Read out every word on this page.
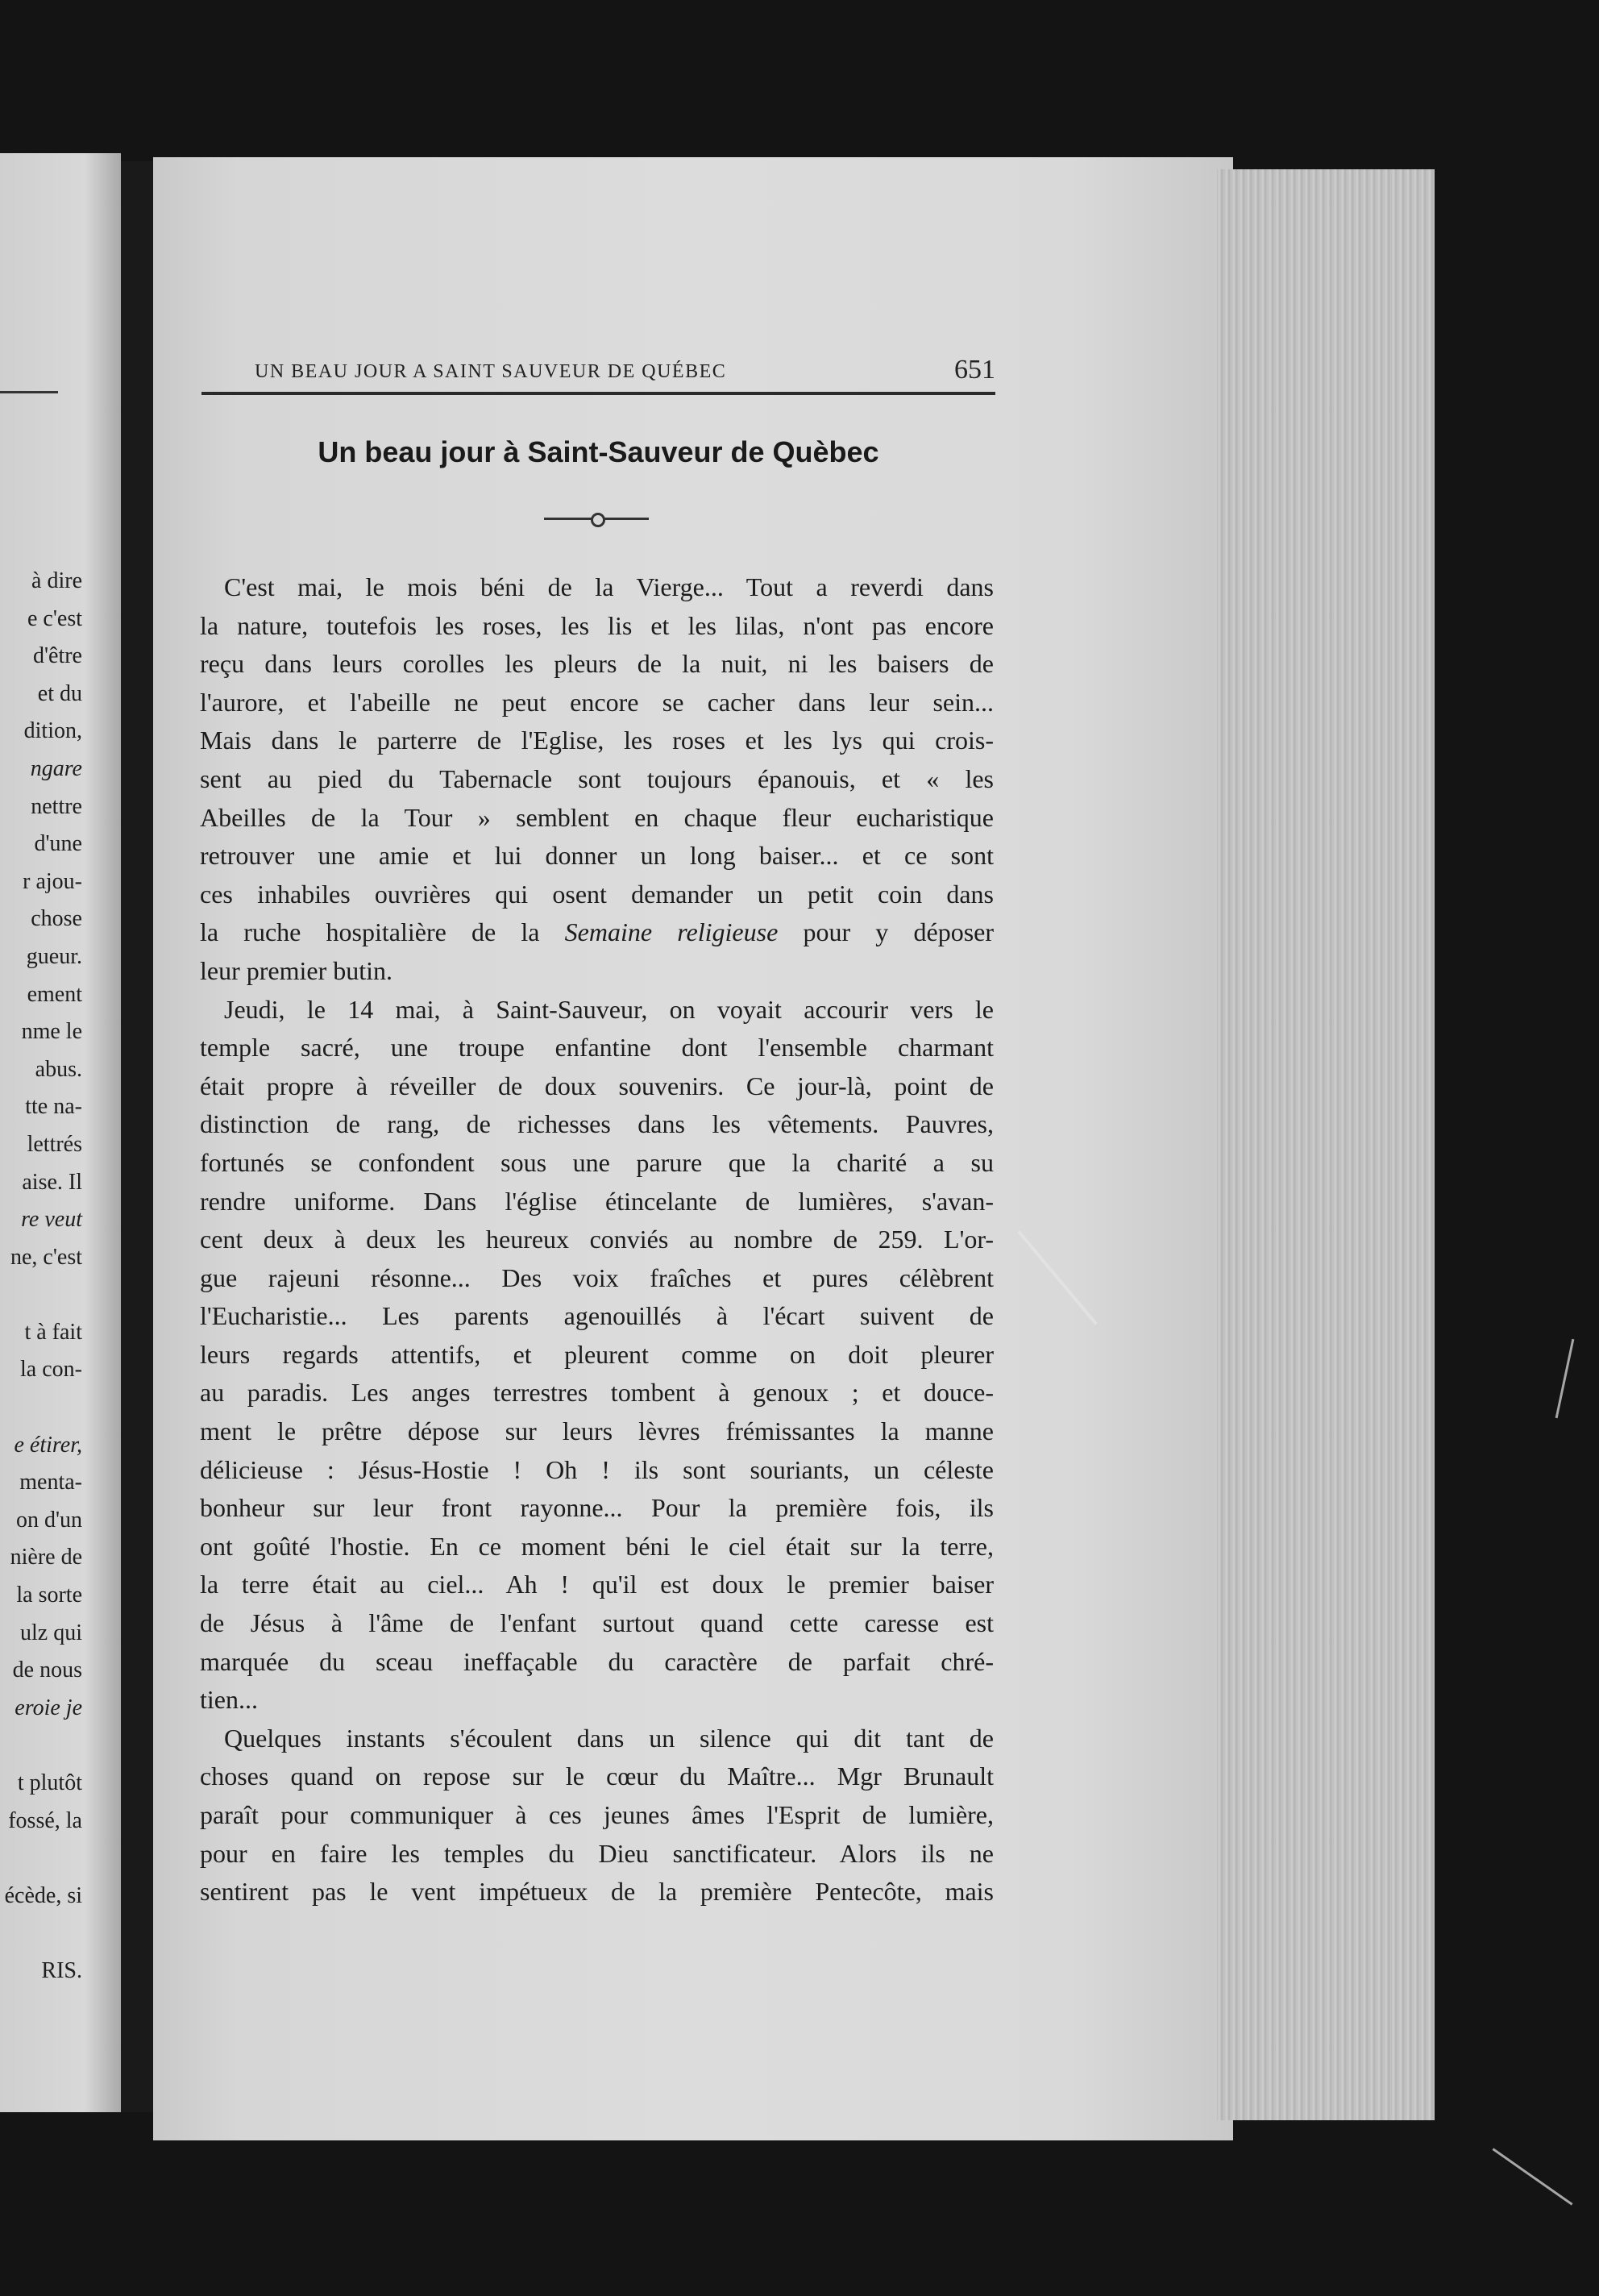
à dire
e c'est
d'être
et du
dition,
ngare
nettre
d'une
r ajou-
chose
gueur.
ement
nme le
abus.
tte na-
lettrés
aise. Il
re veut
ne, c'est
t à fait
la con-
e étirer,
menta-
on d'un
nière de
la sorte
ulz qui
de nous
eroie je
t plutôt
fossé, la
écède, si
RIS.
UN BEAU JOUR A SAINT SAUVEUR DE QUÉBEC	651
Un beau jour à Saint-Sauveur de Quèbec
C'est mai, le mois béni de la Vierge... Tout a reverdi dans
la nature, toutefois les roses, les lis et les lilas, n'ont pas encore
reçu dans leurs corolles les pleurs de la nuit, ni les baisers de
l'aurore, et l'abeille ne peut encore se cacher dans leur sein...
Mais dans le parterre de l'Eglise, les roses et les lys qui crois-
sent au pied du Tabernacle sont toujours épanouis, et « les
Abeilles de la Tour » semblent en chaque fleur eucharistique
retrouver une amie et lui donner un long baiser... et ce sont
ces inhabiles ouvrières qui osent demander un petit coin dans
la ruche hospitalière de la Semaine religieuse pour y déposer
leur premier butin.
Jeudi, le 14 mai, à Saint-Sauveur, on voyait accourir vers le
temple sacré, une troupe enfantine dont l'ensemble charmant
était propre à réveiller de doux souvenirs. Ce jour-là, point de
distinction de rang, de richesses dans les vêtements. Pauvres,
fortunés se confondent sous une parure que la charité a su
rendre uniforme. Dans l'église étincelante de lumières, s'avan-
cent deux à deux les heureux conviés au nombre de 259. L'or-
gue rajeuni résonne... Des voix fraîches et pures célèbrent
l'Eucharistie... Les parents agenouillés à l'écart suivent de
leurs regards attentifs, et pleurent comme on doit pleurer
au paradis. Les anges terrestres tombent à genoux ; et douce-
ment le prêtre dépose sur leurs lèvres frémissantes la manne
délicieuse : Jésus-Hostie ! Oh ! ils sont souriants, un céleste
bonheur sur leur front rayonne... Pour la première fois, ils
ont goûté l'hostie. En ce moment béni le ciel était sur la terre,
la terre était au ciel... Ah ! qu'il est doux le premier baiser
de Jésus à l'âme de l'enfant surtout quand cette caresse est
marquée du sceau ineffaçable du caractère de parfait chré-
tien...
Quelques instants s'écoulent dans un silence qui dit tant de
choses quand on repose sur le cœur du Maître... Mgr Brunault
paraît pour communiquer à ces jeunes âmes l'Esprit de lumière,
pour en faire les temples du Dieu sanctificateur. Alors ils ne
sentirent pas le vent impétueux de la première Pentecôte, mais
